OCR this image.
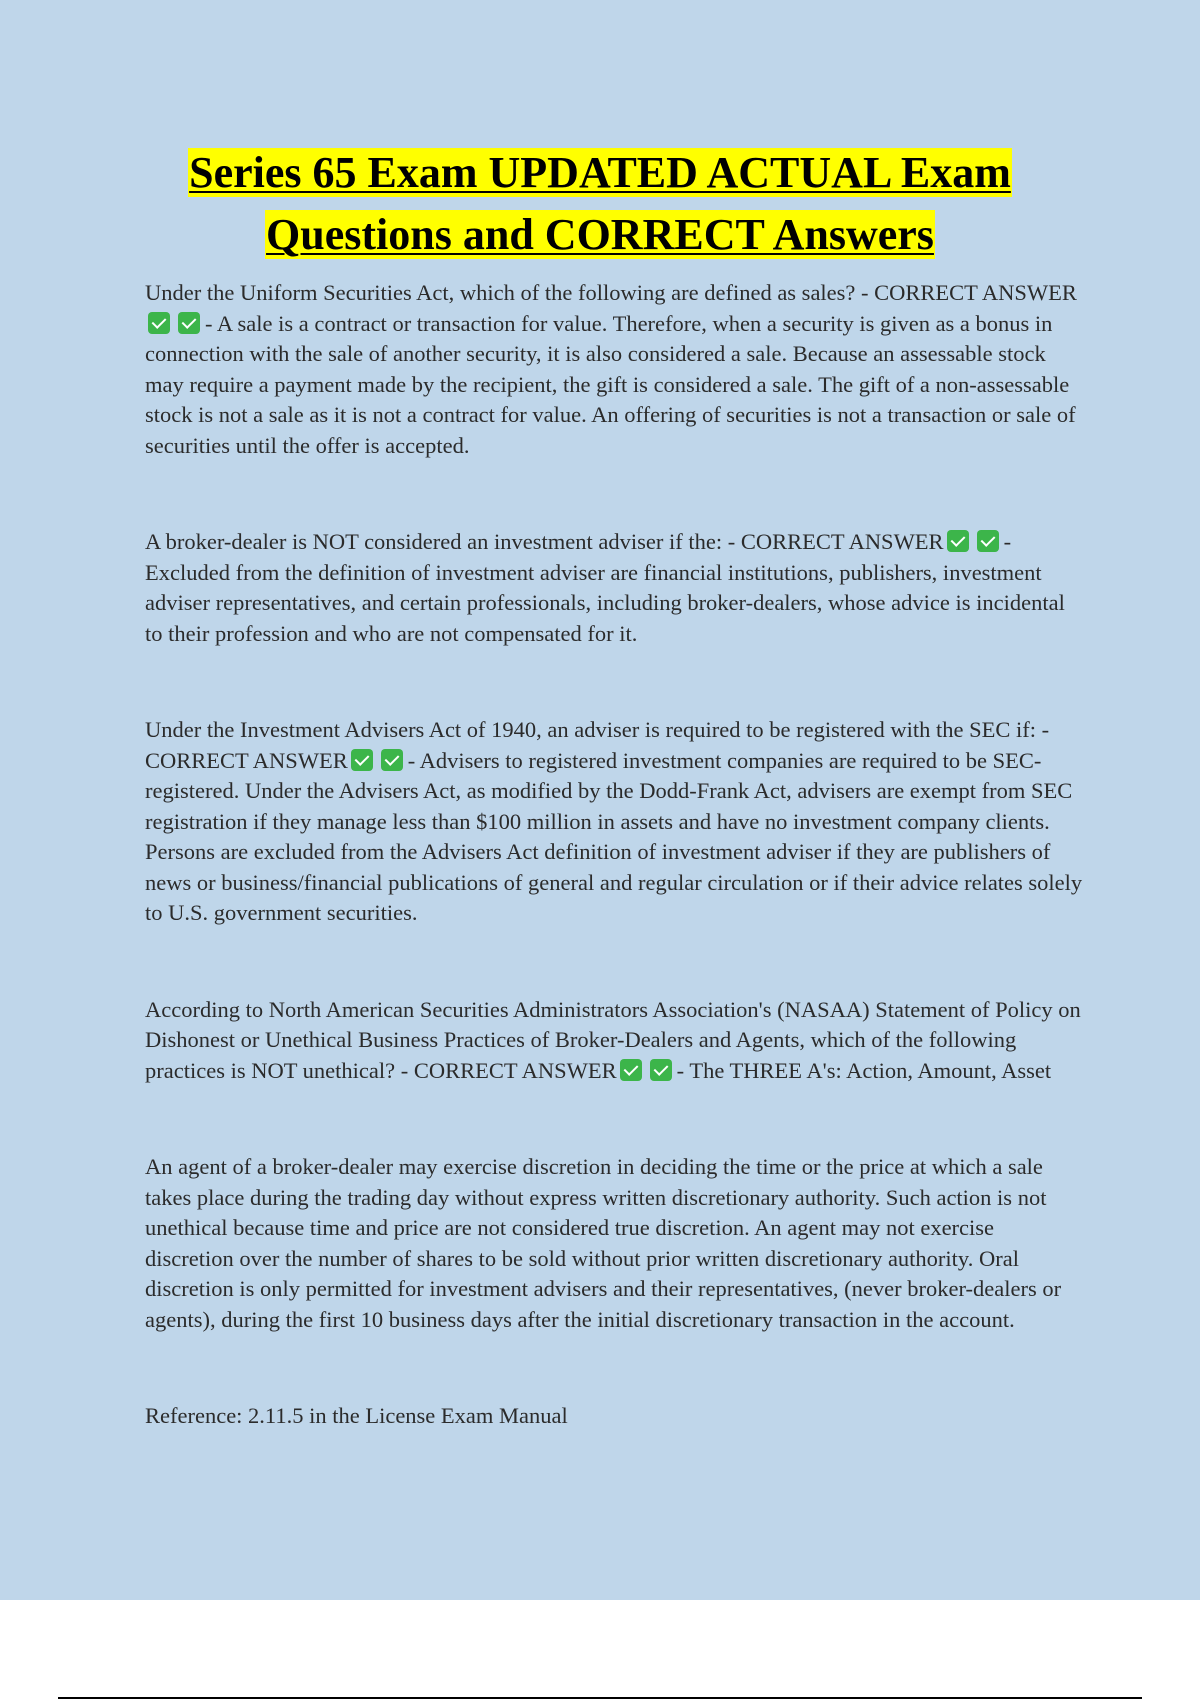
Series 65 Exam UPDATED ACTUAL Exam
Questions and CORRECT Answers

Under the Uniform Securities Act, which of the following are defined as sales? - CORRECT ANSWER- A sale is a contract or transaction for value. Therefore, when a security is given as a bonus in connection with the sale of another security, it is also considered a sale. Because an assessable stock may require a payment made by the recipient, the gift is considered a sale. The gift of a non-assessable stock is not a sale as it is not a contract for value. An offering of securities is not a transaction or sale of securities until the offer is accepted.

A broker-dealer is NOT considered an investment adviser if the: - CORRECT ANSWER	- Excluded from the definition of investment adviser are financial institutions, publishers, investment adviser representatives, and certain professionals, including broker-dealers, whose advice is incidental to their profession and who are not compensated for it.

Under the Investment Advisers Act of 1940, an adviser is required to be registered with the SEC if: - CORRECT ANSWER	- Advisers to registered investment companies are required to be SEC-registered. Under the Advisers Act, as modified by the Dodd-Frank Act, advisers are exempt from SEC registration if they manage less than $100 million in assets and have no investment company clients. Persons are excluded from the Advisers Act definition of investment adviser if they are publishers of news or business/financial publications of general and regular circulation or if their advice relates solely to U.S. government securities.

According to North American Securities Administrators Association's (NASAA) Statement of Policy on Dishonest or Unethical Business Practices of Broker-Dealers and Agents, which of the following practices is NOT unethical? - CORRECT ANSWER	- The THREE A's: Action, Amount, Asset

An agent of a broker-dealer may exercise discretion in deciding the time or the price at which a sale takes place during the trading day without express written discretionary authority. Such action is not unethical because time and price are not considered true discretion. An agent may not exercise discretion over the number of shares to be sold without prior written discretionary authority. Oral discretion is only permitted for investment advisers and their representatives, (never broker-dealers or agents), during the first 10 business days after the initial discretionary transaction in the account.

Reference: 2.11.5 in the License Exam Manual
